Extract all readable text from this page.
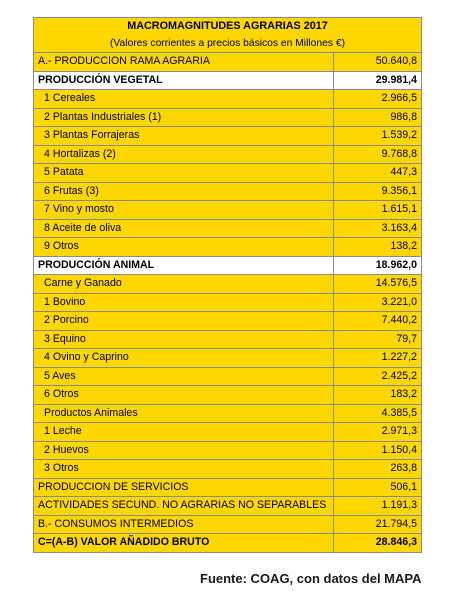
MACROMAGNITUDES AGRARIAS 2017
(Valores corrientes a precios básicos en Millones €)	

A.- PRODUCCION RAMA AGRARIA	50.640,8
PRODUCCIÓN VEGETAL	29.981,4
1 Cereales	2.966,5
2 Plantas Industriales (1)	986,8
3 Plantas Forrajeras	1.539,2
4 Hortalizas (2)	9.768,8
5 Patata	447,3
6 Frutas (3)	9.356,1
7 Vino y mosto	1.615,1
8 Aceite de oliva	3.163,4
9 Otros	138,2
PRODUCCIÓN ANIMAL	18.962,0
Carne y Ganado	14.576,5
1 Bovino	3.221,0
2 Porcino	7.440,2
3 Equino	79,7
4 Ovino y Caprino	1.227,2
5 Aves	2.425,2
6 Otros	183,2
Productos Animales	4.385,5
1 Leche	2.971,3
2 Huevos	1.150,4
3 Otros	263,8
PRODUCCION DE SERVICIOS	506,1
ACTIVIDADES SECUND. NO AGRARIAS NO SEPARABLES	1.191,3
B.- CONSUMOS INTERMEDIOS	21.794,5
C=(A-B) VALOR AÑADIDO BRUTO	28.846,3
Fuente: COAG, con datos del MAPA
